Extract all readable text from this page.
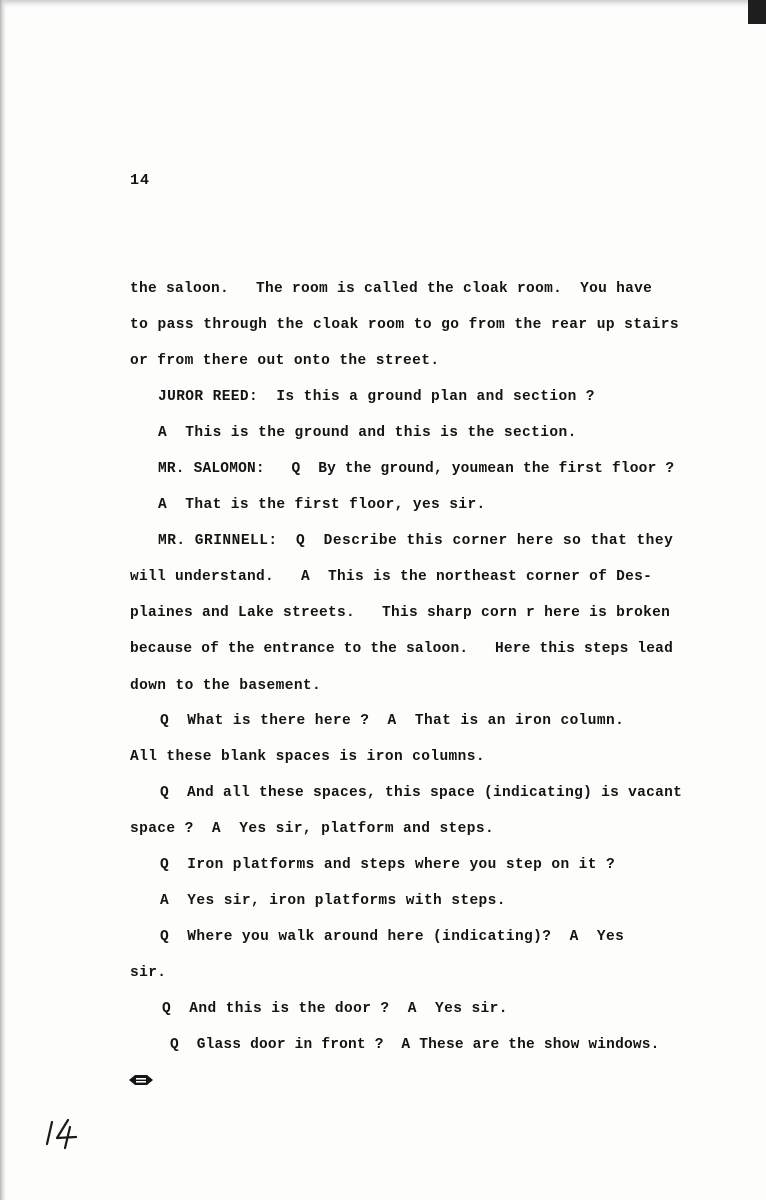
14
the saloon.   The room is called the cloak room.  You have
to pass through the cloak room to go from the rear up stairs
or from there out onto the street.
JUROR REED:  Is this a ground plan and section ?
A  This is the ground and this is the section.
MR. SALOMON:   Q  By the ground, youmean the first floor ?
A  That is the first floor, yes sir.
MR. GRINNELL:  Q  Describe this corner here so that they
will understand.   A  This is the northeast corner of Des-
plaines and Lake streets.   This sharp corn r here is broken
because of the entrance to the saloon.   Here this steps lead
down to the basement.
Q  What is there here ?  A  That is an iron column.
All these blank spaces is iron columns.
Q  And all these spaces, this space (indicating) is vacant
space ?  A  Yes sir, platform and steps.
Q  Iron platforms and steps where you step on it ?
A  Yes sir, iron platforms with steps.
Q  Where you walk around here (indicating)?  A  Yes
sir.
Q  And this is the door ?  A  Yes sir.
Q  Glass door in front ?  A These are the show windows.
